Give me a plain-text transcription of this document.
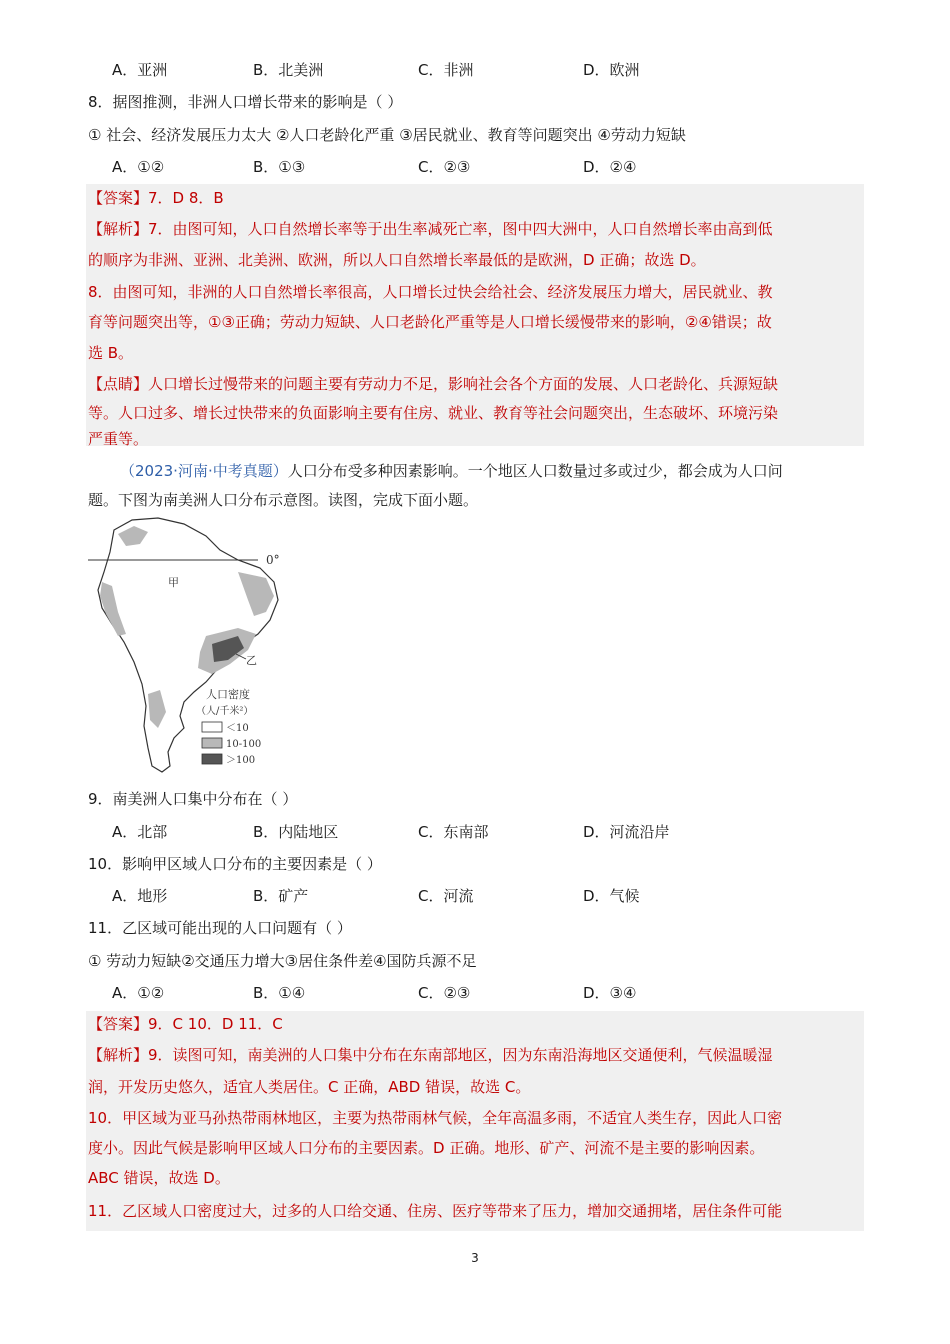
A．亚洲	B．北美洲	C．非洲	D．欧洲
8．据图推测，非洲人口增长带来的影响是（ ）
① 社会、经济发展压力太大 ②人口老龄化严重 ③居民就业、教育等问题突出 ④劳动力短缺
A．①②	B．①③	C．②③	D．②④
【答案】7．D 8．B
【解析】7．由图可知，人口自然增长率等于出生率减死亡率，图中四大洲中，人口自然增长率由高到低
的顺序为非洲、亚洲、北美洲、欧洲，所以人口自然增长率最低的是欧洲，D 正确；故选 D。
8．由图可知，非洲的人口自然增长率很高，人口增长过快会给社会、经济发展压力增大，居民就业、教
育等问题突出等，①③正确；劳动力短缺、人口老龄化严重等是人口增长缓慢带来的影响，②④错误；故
选 B。
【点睛】人口增长过慢带来的问题主要有劳动力不足，影响社会各个方面的发展、人口老龄化、兵源短缺
等。人口过多、增长过快带来的负面影响主要有住房、就业、教育等社会问题突出，生态破坏、环境污染
严重等。
（2023·河南·中考真题）人口分布受多种因素影响。一个地区人口数量过多或过少，都会成为人口问
题。下图为南美洲人口分布示意图。读图，完成下面小题。
0°
甲
乙
人口密度
（人/千米²）
＜10
10-100
＞100
9．南美洲人口集中分布在（ ）
A．北部	B．内陆地区	C．东南部	D．河流沿岸
10．影响甲区域人口分布的主要因素是（ ）
A．地形	B．矿产	C．河流	D．气候
11．乙区域可能出现的人口问题有（ ）
① 劳动力短缺②交通压力增大③居住条件差④国防兵源不足
A．①②	B．①④	C．②③	D．③④
【答案】9．C 10．D 11．C
【解析】9．读图可知，南美洲的人口集中分布在东南部地区，因为东南沿海地区交通便利，气候温暖湿
润，开发历史悠久，适宜人类居住。C 正确，ABD 错误，故选 C。
10．甲区域为亚马孙热带雨林地区，主要为热带雨林气候，全年高温多雨，不适宜人类生存，因此人口密
度小。因此气候是影响甲区域人口分布的主要因素。D 正确。地形、矿产、河流不是主要的影响因素。
ABC 错误，故选 D。
11．乙区域人口密度过大，过多的人口给交通、住房、医疗等带来了压力，增加交通拥堵，居住条件可能
3
